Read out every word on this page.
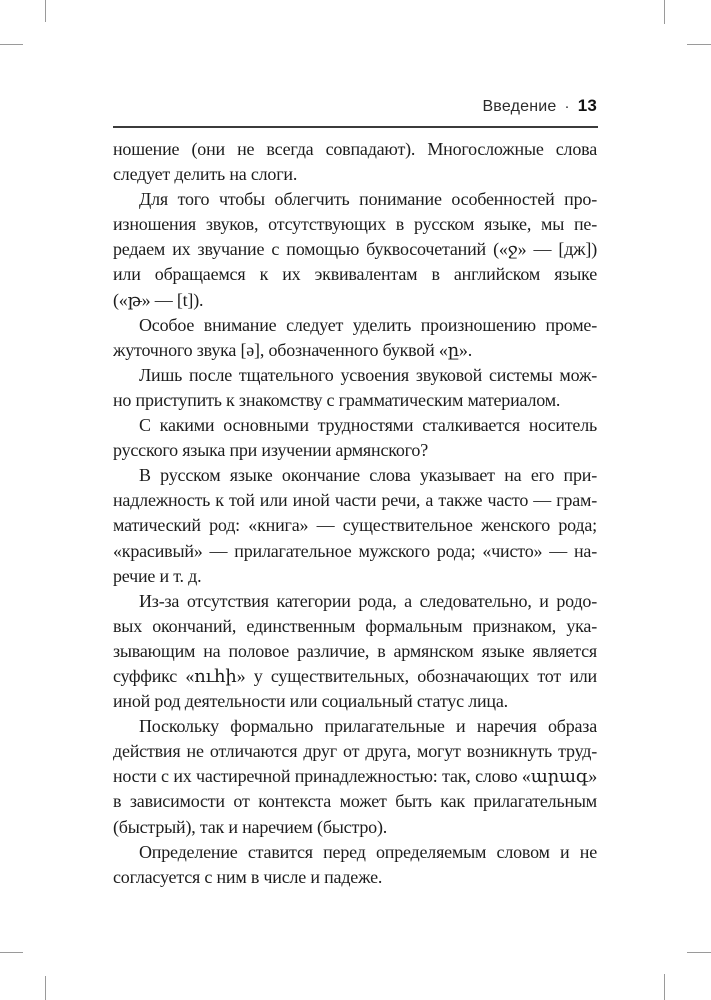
Введение · 13
ношение (они не всегда совпадают). Многосложные слова
следует делить на слоги.
Для того чтобы облегчить понимание особенностей про-
изношения звуков, отсутствующих в русском языке, мы пе-
редаем их звучание с помощью буквосочетаний («ջ» — [дж])
или обращаемся к их эквивалентам в английском языке
(«թ» — [t]).
Особое внимание следует уделить произношению проме-
жуточного звука [ə], обозначенного буквой «ը».
Лишь после тщательного усвоения звуковой системы мож-
но приступить к знакомству с грамматическим материалом.
С какими основными трудностями сталкивается носитель
русского языка при изучении армянского?
В русском языке окончание слова указывает на его при-
надлежность к той или иной части речи, а также часто — грам-
матический род: «книга» — существительное женского рода;
«красивый» — прилагательное мужского рода; «чисто» — на-
речие и т. д.
Из-за отсутствия категории рода, а следовательно, и родо-
вых окончаний, единственным формальным признаком, ука-
зывающим на половое различие, в армянском языке является
суффикс «ուհի» у существительных, обозначающих тот или
иной род деятельности или социальный статус лица.
Поскольку формально прилагательные и наречия образа
действия не отличаются друг от друга, могут возникнуть труд-
ности с их частиречной принадлежностью: так, слово «արագ»
в зависимости от контекста может быть как прилагательным
(быстрый), так и наречием (быстро).
Определение ставится перед определяемым словом и не
согласуется с ним в числе и падеже.
